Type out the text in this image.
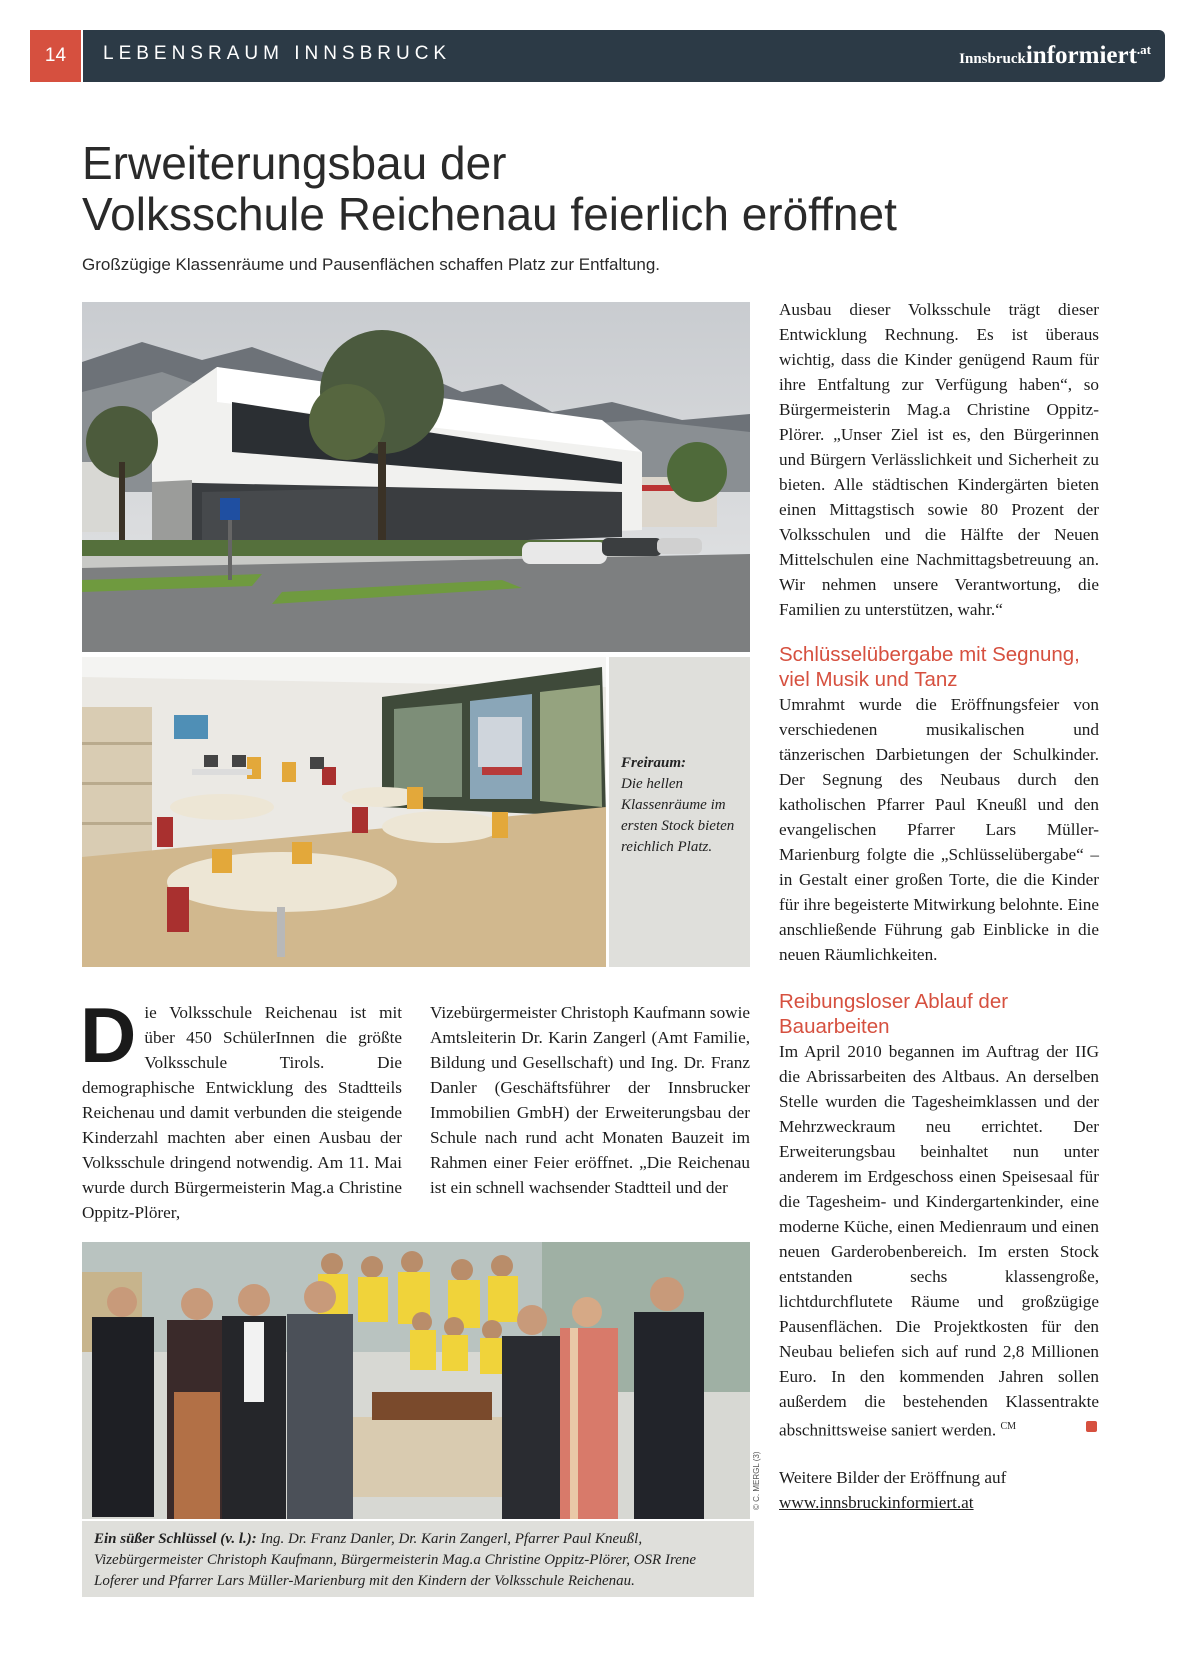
14	LEBENSRAUM INNSBRUCK	Innsbruckinformiert$^{.at}$
Erweiterungsbau der
Volksschule Reichenau feierlich eröffnet
Großzügige Klassenräume und Pausenflächen schaffen Platz zur Entfaltung.

Freiraum:
Die hellen Klassenräume im ersten Stock bieten reichlich Platz.

Die Volksschule Reichenau ist mit über 450 SchülerInnen die größte Volksschule Tirols. Die demographische Entwicklung des Stadtteils Reichenau und damit verbunden die steigende Kinderzahl machten aber einen Ausbau der Volksschule dringend notwendig. Am 11. Mai wurde durch Bürgermeisterin Mag.a Christine Oppitz-Plörer,

Vizebürgermeister Christoph Kaufmann sowie Amtsleiterin Dr. Karin Zangerl (Amt Familie, Bildung und Gesellschaft) und Ing. Dr. Franz Danler (Geschäftsführer der Innsbrucker Immobilien GmbH) der Erweiterungsbau der Schule nach rund acht Monaten Bauzeit im Rahmen einer Feier eröffnet. „Die Reichenau ist ein schnell wachsender Stadtteil und der

Ausbau dieser Volksschule trägt dieser Entwicklung Rechnung. Es ist überaus wichtig, dass die Kinder genügend Raum für ihre Entfaltung zur Verfügung haben“, so Bürgermeisterin Mag.a Christine Oppitz-Plörer. „Unser Ziel ist es, den Bürgerinnen und Bürgern Verlässlichkeit und Sicherheit zu bieten. Alle städtischen Kindergärten bieten einen Mittagstisch sowie 80 Prozent der Volksschulen und die Hälfte der Neuen Mittelschulen eine Nachmittagsbetreuung an. Wir nehmen unsere Verantwortung, die Familien zu unterstützen, wahr.“

Schlüsselübergabe mit Segnung, viel Musik und Tanz

Umrahmt wurde die Eröffnungsfeier von verschiedenen musikalischen und tänzerischen Darbietungen der Schulkinder. Der Segnung des Neubaus durch den katholischen Pfarrer Paul Kneußl und den evangelischen Pfarrer Lars Müller-Marienburg folgte die „Schlüsselübergabe“ – in Gestalt einer großen Torte, die die Kinder für ihre begeisterte Mitwirkung belohnte. Eine anschließende Führung gab Einblicke in die neuen Räumlichkeiten.

Reibungsloser Ablauf der Bauarbeiten

Im April 2010 begannen im Auftrag der IIG die Abrissarbeiten des Altbaus. An derselben Stelle wurden die Tagesheimklassen und der Mehrzweckraum neu errichtet. Der Erweiterungsbau beinhaltet nun unter anderem im Erdgeschoss einen Speisesaal für die Tagesheim- und Kindergartenkinder, eine moderne Küche, einen Medienraum und einen neuen Garderobenbereich. Im ersten Stock entstanden sechs klassengroße, lichtdurchflutete Räume und großzügige Pausenflächen. Die Projektkosten für den Neubau beliefen sich auf rund 2,8 Millionen Euro. In den kommenden Jahren sollen außerdem die bestehenden Klassentrakte abschnittsweise saniert werden. $^{CM}$

Weitere Bilder der Eröffnung auf
www.innsbruckinformiert.at

© C. MERGL (3)
Ein süßer Schlüssel (v. l.): Ing. Dr. Franz Danler, Dr. Karin Zangerl, Pfarrer Paul Kneußl, Vizebürgermeister Christoph Kaufmann, Bürgermeisterin Mag.a Christine Oppitz-Plörer, OSR Irene Loferer und Pfarrer Lars Müller-Marienburg mit den Kindern der Volksschule Reichenau.
